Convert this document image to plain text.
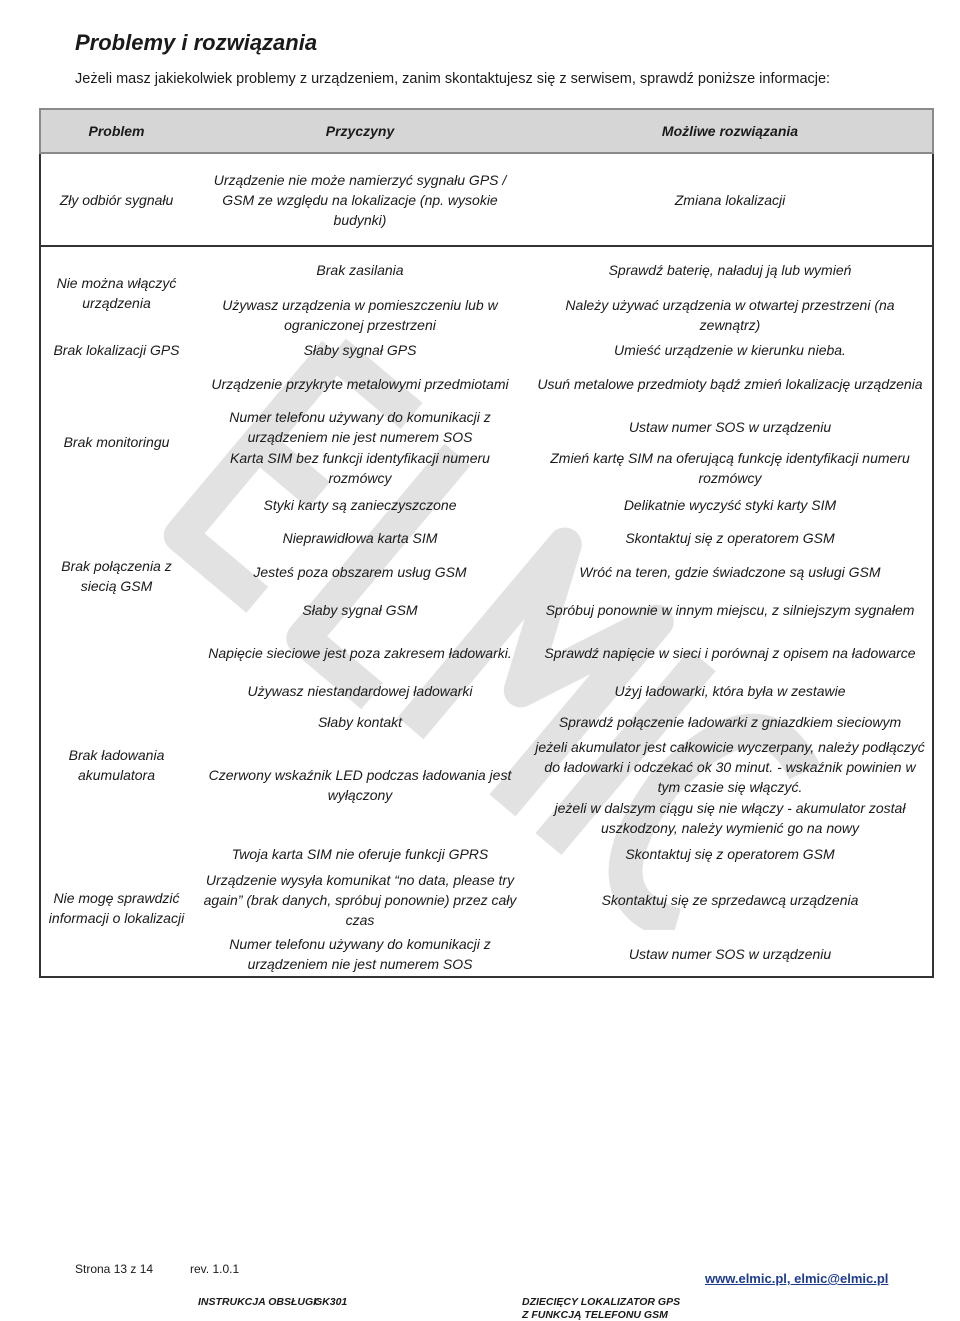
Problemy i rozwiązania
Jeżeli masz jakiekolwiek problemy z urządzeniem, zanim skontaktujesz się z serwisem, sprawdź poniższe informacje:
Problem	Przyczyny	Możliwe rozwiązania
Zły odbiór sygnału	Urządzenie nie może namierzyć sygnału GPS / GSM ze względu na lokalizacje (np. wysokie budynki)	Zmiana lokalizacji
Nie można włączyć urządzenia	Brak zasilania	Sprawdź baterię, naładuj ją lub wymień
	Używasz urządzenia w pomieszczeniu lub w ograniczonej przestrzeni	Należy używać urządzenia w otwartej przestrzeni (na zewnątrz)
Brak lokalizacji GPS	Słaby sygnał GPS	Umieść urządzenie w kierunku nieba.
Brak monitoringu	Urządzenie przykryte metalowymi przedmiotami	Usuń metalowe przedmioty bądź zmień lokalizację urządzenia
	Numer telefonu używany do komunikacji z urządzeniem nie jest numerem SOS	Ustaw numer SOS w urządzeniu
	Karta SIM bez funkcji identyfikacji numeru rozmówcy	Zmień kartę SIM na oferującą funkcję identyfikacji numeru rozmówcy
	Styki karty są zanieczyszczone	Delikatnie wyczyść styki karty SIM
Brak połączenia z siecią GSM	Nieprawidłowa karta SIM	Skontaktuj się z operatorem GSM
	Jesteś poza obszarem usług GSM	Wróć na teren, gdzie świadczone są usługi GSM
	Słaby sygnał GSM	Spróbuj ponownie w innym miejscu, z silniejszym sygnałem

Brak ładowania akumulatora	Napięcie sieciowe jest poza zakresem ładowarki.	Sprawdź napięcie w sieci i porównaj z opisem na ładowarce
	Używasz niestandardowej ładowarki	Użyj ładowarki, która była w zestawie
	Słaby kontakt	Sprawdź połączenie ładowarki z gniazdkiem sieciowym
	Czerwony wskaźnik LED podczas ładowania jest wyłączony	jeżeli akumulator jest całkowicie wyczerpany, należy podłączyć do ładowarki i odczekać ok 30 minut. - wskaźnik powinien w tym czasie się włączyć.
		jeżeli w dalszym ciągu się nie włączy - akumulator został uszkodzony, należy wymienić go na nowy
Nie mogę sprawdzić informacji o lokalizacji	Twoja karta SIM nie oferuje funkcji GPRS	Skontaktuj się z operatorem GSM
	Urządzenie wysyła komunikat “no data, please try again” (brak danych, spróbuj ponownie) przez cały czas	Skontaktuj się ze sprzedawcą urządzenia
	Numer telefonu używany do komunikacji z urządzeniem nie jest numerem SOS	Ustaw numer SOS w urządzeniu
Strona 13 z 14	rev. 1.0.1
INSTRUKCJA OBSŁUGI:
GK301	DZIECIĘCY LOKALIZATOR GPS
Z FUNKCJĄ TELEFONU GSM
www.elmic.pl, elmic@elmic.pl
